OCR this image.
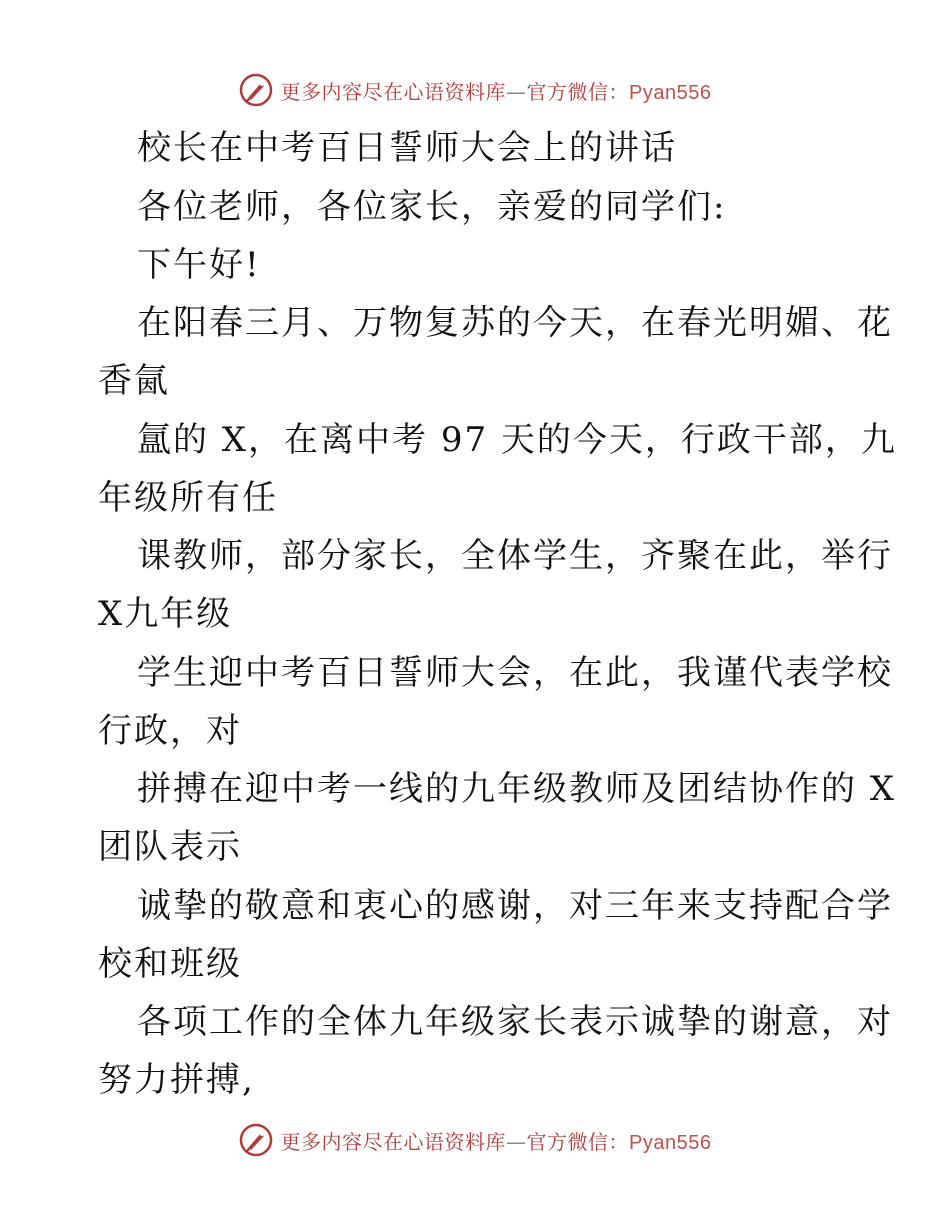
更多内容尽在心语资料库—官方微信：Pyan556
校长在中考百日誓师大会上的讲话
各位老师，各位家长，亲爱的同学们:
下午好!
在阳春三月、万物复苏的今天，在春光明媚、花
香氤
氲的 X，在离中考 97 天的今天，行政干部，九
年级所有任
课教师，部分家长，全体学生，齐聚在此，举行
X九年级
学生迎中考百日誓师大会，在此，我谨代表学校
行政，对
拼搏在迎中考一线的九年级教师及团结协作的 X
团队表示
诚挚的敬意和衷心的感谢，对三年来支持配合学
校和班级
各项工作的全体九年级家长表示诚挚的谢意，对
努力拼搏,
更多内容尽在心语资料库—官方微信：Pyan556
